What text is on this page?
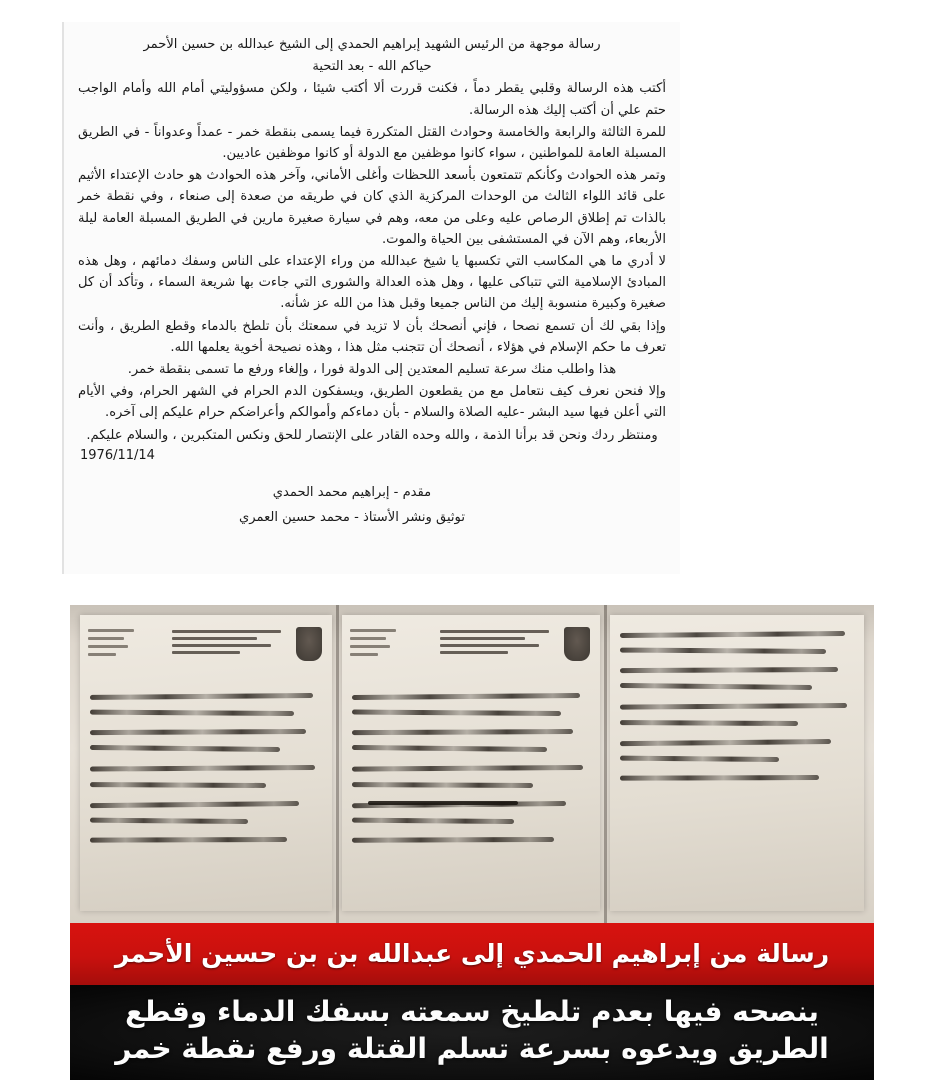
رسالة موجهة من الرئيس الشهيد إبراهيم الحمدي إلى الشيخ عبدالله بن حسين الأحمر

حياكم الله - بعد التحية

أكتب هذه الرسالة وقلبي يقطر دماً ، فكنت قررت ألا أكتب شيئا ، ولكن مسؤوليتي أمام الله وأمام الواجب حتم علي أن أكتب إليك هذه الرسالة.

للمرة الثالثة والرابعة والخامسة وحوادث القتل المتكررة فيما يسمى بنقطة خمر - عمداً وعدواناً - في الطريق المسبلة العامة للمواطنين ، سواء كانوا موظفين مع الدولة أو كانوا موظفين عاديين.

وتمر هذه الحوادث وكأنكم تتمتعون بأسعد اللحظات وأغلى الأماني، وآخر هذه الحوادث هو حادث الإعتداء الأثيم على قائد اللواء الثالث من الوحدات المركزية الذي كان في طريقه من صعدة إلى صنعاء ، وفي نقطة خمر بالذات تم إطلاق الرصاص عليه وعلى من معه، وهم في سيارة صغيرة مارين في الطريق المسبلة العامة ليلة الأربعاء، وهم الآن في المستشفى بين الحياة والموت.

لا أدري ما هي المكاسب التي تكسبها يا شيخ عبدالله من وراء الإعتداء على الناس وسفك دمائهم ، وهل هذه المبادئ الإسلامية التي تتباكى عليها ، وهل هذه العدالة والشورى التي جاءت بها شريعة السماء ، وتأكد أن كل صغيرة وكبيرة منسوبة إليك من الناس جميعا وقبل هذا من الله عز شأنه.

وإذا بقي لك أن تسمع نصحا ، فإني أنصحك بأن لا تزيد في سمعتك بأن تلطخ بالدماء وقطع الطريق ، وأنت تعرف ما حكم الإسلام في هؤلاء ، أنصحك أن تتجنب مثل هذا ، وهذه نصيحة أخوية يعلمها الله.

هذا واطلب منك سرعة تسليم المعتدين إلى الدولة فورا ، وإلغاء ورفع ما تسمى بنقطة خمر.

وإلا فنحن نعرف كيف نتعامل مع من يقطعون الطريق، ويسفكون الدم الحرام في الشهر الحرام، وفي الأيام التي أعلن فيها سيد البشر -عليه الصلاة والسلام - بأن دماءكم وأموالكم وأعراضكم حرام عليكم إلى آخره.

ومنتظر ردك ونحن قد برأنا الذمة ، والله وحده القادر على الإنتصار للحق ونكس المتكبرين ، والسلام عليكم.

1976/11/14
مقدم - إبراهيم محمد الحمدي
توثيق ونشر الأستاذ - محمد حسين العمري
رسالة من إبراهيم الحمدي إلى عبدالله بن بن حسين الأحمر
ينصحه فيها بعدم تلطيخ سمعته بسفك الدماء وقطع الطريق ويدعوه بسرعة تسلم القتلة ورفع نقطة خمر
